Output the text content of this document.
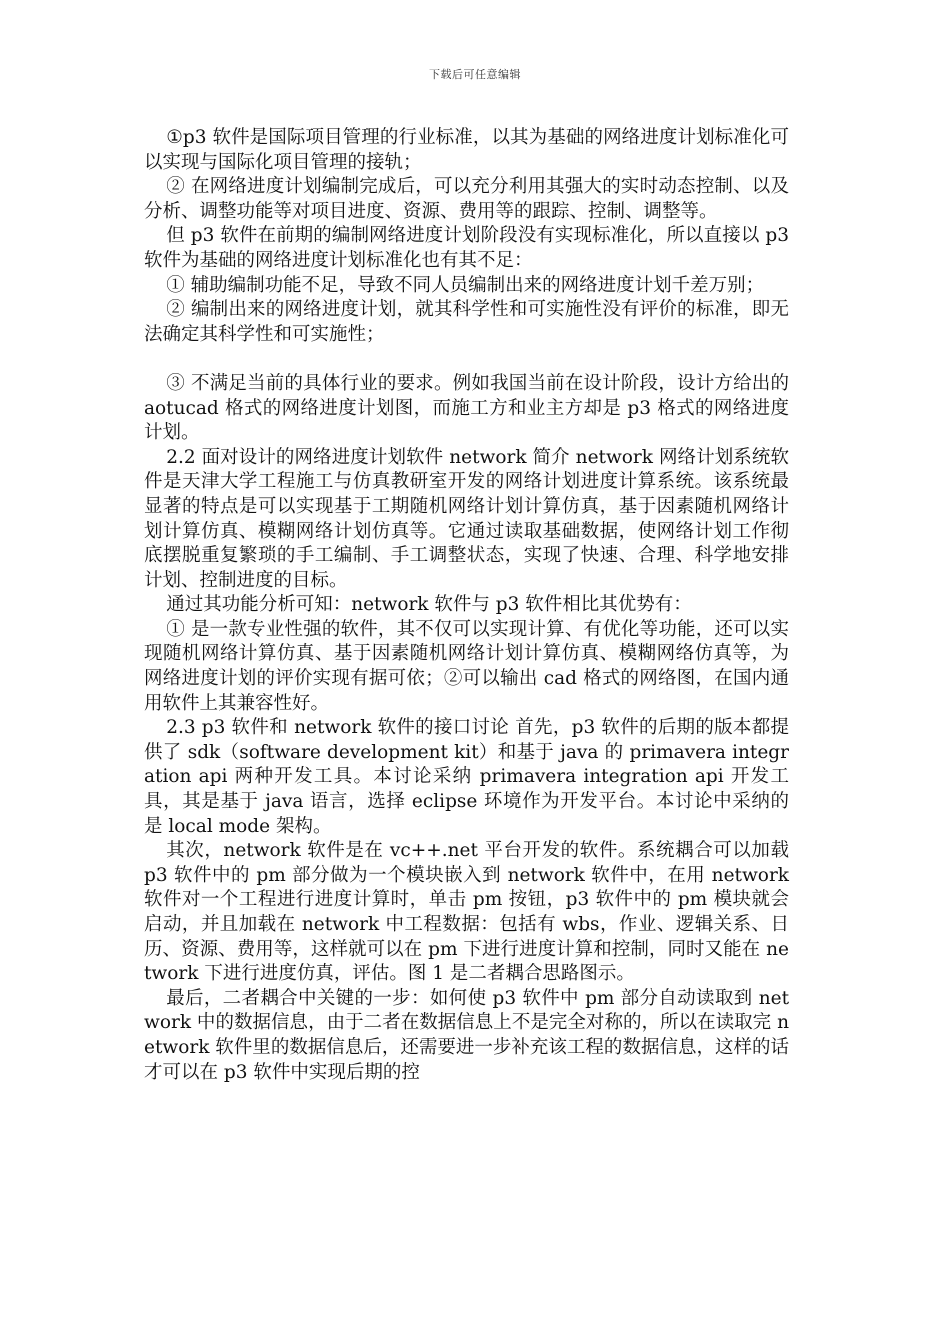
下载后可任意编辑

①p3 软件是国际项目管理的行业标准，以其为基础的网络进度计划标准化可以实现与国际化项目管理的接轨；

② 在网络进度计划编制完成后，可以充分利用其强大的实时动态控制、以及分析、调整功能等对项目进度、资源、费用等的跟踪、控制、调整等。

但 p3 软件在前期的编制网络进度计划阶段没有实现标准化，所以直接以 p3 软件为基础的网络进度计划标准化也有其不足：

① 辅助编制功能不足，导致不同人员编制出来的网络进度计划千差万别；

② 编制出来的网络进度计划，就其科学性和可实施性没有评价的标准，即无法确定其科学性和可实施性；

③ 不满足当前的具体行业的要求。例如我国当前在设计阶段，设计方给出的 aotucad 格式的网络进度计划图，而施工方和业主方却是 p3 格式的网络进度计划。

2.2 面对设计的网络进度计划软件 network 简介 network 网络计划系统软件是天津大学工程施工与仿真教研室开发的网络计划进度计算系统。该系统最显著的特点是可以实现基于工期随机网络计划计算仿真，基于因素随机网络计划计算仿真、模糊网络计划仿真等。它通过读取基础数据，使网络计划工作彻底摆脱重复繁琐的手工编制、手工调整状态，实现了快速、合理、科学地安排计划、控制进度的目标。

通过其功能分析可知：network 软件与 p3 软件相比其优势有：

① 是一款专业性强的软件，其不仅可以实现计算、有优化等功能，还可以实现随机网络计算仿真、基于因素随机网络计划计算仿真、模糊网络仿真等，为网络进度计划的评价实现有据可依；②可以输出 cad 格式的网络图，在国内通用软件上其兼容性好。

2.3 p3 软件和 network 软件的接口讨论 首先，p3 软件的后期的版本都提供了 sdk（software development kit）和基于 java 的 primavera integration api 两种开发工具。本讨论采纳 primavera integration api 开发工具，其是基于 java 语言，选择 eclipse 环境作为开发平台。本讨论中采纳的是 local mode 架构。

其次，network 软件是在 vc++.net 平台开发的软件。系统耦合可以加载 p3 软件中的 pm 部分做为一个模块嵌入到 network 软件中，在用 network 软件对一个工程进行进度计算时，单击 pm 按钮，p3 软件中的 pm 模块就会启动，并且加载在 network 中工程数据：包括有 wbs，作业、逻辑关系、日历、资源、费用等，这样就可以在 pm 下进行进度计算和控制，同时又能在 network 下进行进度仿真，评估。图 1 是二者耦合思路图示。

最后，二者耦合中关键的一步：如何使 p3 软件中 pm 部分自动读取到 network 中的数据信息，由于二者在数据信息上不是完全对称的，所以在读取完 network 软件里的数据信息后，还需要进一步补充该工程的数据信息，这样的话才可以在 p3 软件中实现后期的控
